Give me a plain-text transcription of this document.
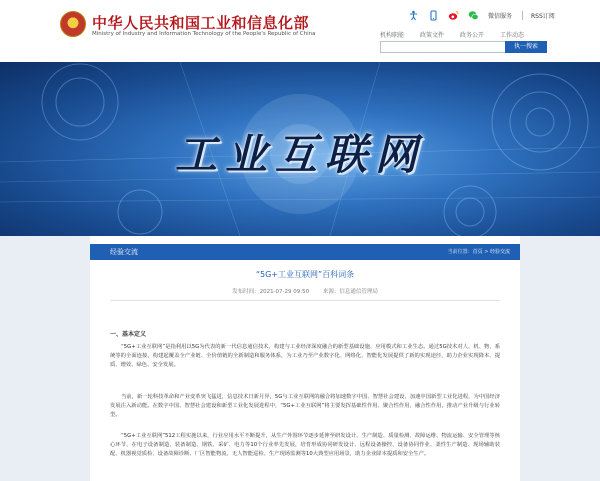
中华人民共和国工业和信息化部
Ministry of Industry and Information Technology of the People's Republic of China
微信服务	RSS订阅
机构职能	政策文件	政务公开	工作动态
执一搜索
工业互联网
经验交流	当前位置：首页 > 经验交流
“5G+工业互联网”百科词条
发布时间：2021-07-29 09:50	来源：信息通信管理局
一、基本定义

“5G+工业互联网”是指利用以5G为代表的新一代信息通信技术，构建与工业经济深度融合的新型基础设施、应用模式和工业生态。通过5G技术对人、机、物、系统等的全面连接，构建起覆盖全产业链、全价值链的全新制造和服务体系，为工业乃至产业数字化、网络化、智能化发展提供了新的实现途径，助力企业实现降本、提质、增效、绿色、安全发展。

当前，新一轮科技革命和产业变革突飞猛进，信息技术日新月异，5G与工业互联网的融合将加速数字中国、智慧社会建设，加速中国新型工业化进程，为中国经济发展注入新动能。在数字中国、智慧社会建设和新型工业化发展进程中，“5G+工业互联网”将主要发挥基础性作用、聚合性作用、融合性作用，推动产业升级与行业转型。

“5G+工业互联网”512工程实施以来，行业应用水平不断提升，从生产外围环节逐步延伸至研发设计、生产制造、质量检测、故障运维、物流运输、安全管理等核心环节，在电子设备制造、装备制造、钢铁、采矿、电力等10个行业率先发展，培育形成协同研发设计、远程设备操控、设备协同作业、柔性生产制造、现场辅助装配、机器视觉质检、设备故障诊断、厂区智能物流、无人智能巡检、生产现场监测等10大典型应用场景，助力企业降本提质和安全生产。
